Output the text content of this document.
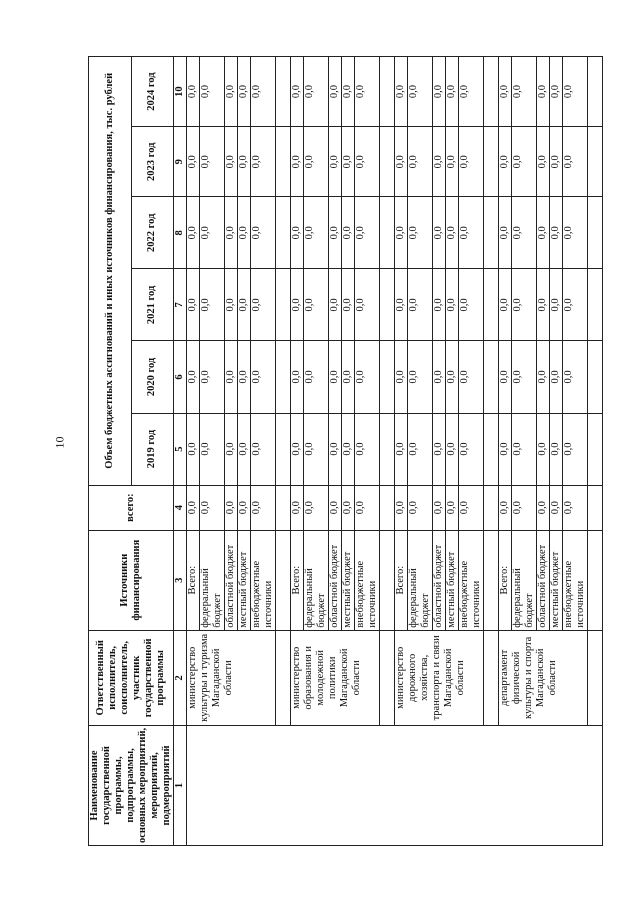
10
Наименование государственной программы, подпрограммы, основных мероприятий, мероприятий, подмероприятий	Ответственный исполнитель, соисполнитель, участник государственной программы	Источники финансирования	всего:	Объем бюджетных ассигнований и иных источников финансирования, тыс. рублей					
				2019 год	2020 год	2021 год	2022 год	2023 год	2024 год
1	2	3	4	5	6	7	8	9	10
	министерство культуры и туризма Магаданской области	Всего:	0,0	0,0	0,0	0,0	0,0	0,0	0,0
		федеральный бюджет	0,0	0,0	0,0	0,0	0,0	0,0	0,0
		областной бюджет	0,0	0,0	0,0	0,0	0,0	0,0	0,0
		местный бюджет	0,0	0,0	0,0	0,0	0,0	0,0	0,0
		внебюджетные источники	0,0	0,0	0,0	0,0	0,0	0,0	0,0

	министерство образования и молодежной политики Магаданской области	Всего:	0,0	0,0	0,0	0,0	0,0	0,0	0,0
		федеральный бюджет	0,0	0,0	0,0	0,0	0,0	0,0	0,0
		областной бюджет	0,0	0,0	0,0	0,0	0,0	0,0	0,0
		местный бюджет	0,0	0,0	0,0	0,0	0,0	0,0	0,0
		внебюджетные источники	0,0	0,0	0,0	0,0	0,0	0,0	0,0

	министерство дорожного хозяйства, транспорта и связи Магаданской области	Всего:	0,0	0,0	0,0	0,0	0,0	0,0	0,0
		федеральный бюджет	0,0	0,0	0,0	0,0	0,0	0,0	0,0
		областной бюджет	0,0	0,0	0,0	0,0	0,0	0,0	0,0
		местный бюджет	0,0	0,0	0,0	0,0	0,0	0,0	0,0
		внебюджетные источники	0,0	0,0	0,0	0,0	0,0	0,0	0,0

	департамент физической культуры и спорта Магаданской области	Всего:	0,0	0,0	0,0	0,0	0,0	0,0	0,0
		федеральный бюджет	0,0	0,0	0,0	0,0	0,0	0,0	0,0
		областной бюджет	0,0	0,0	0,0	0,0	0,0	0,0	0,0
		местный бюджет	0,0	0,0	0,0	0,0	0,0	0,0	0,0
		внебюджетные источники	0,0	0,0	0,0	0,0	0,0	0,0	0,0
